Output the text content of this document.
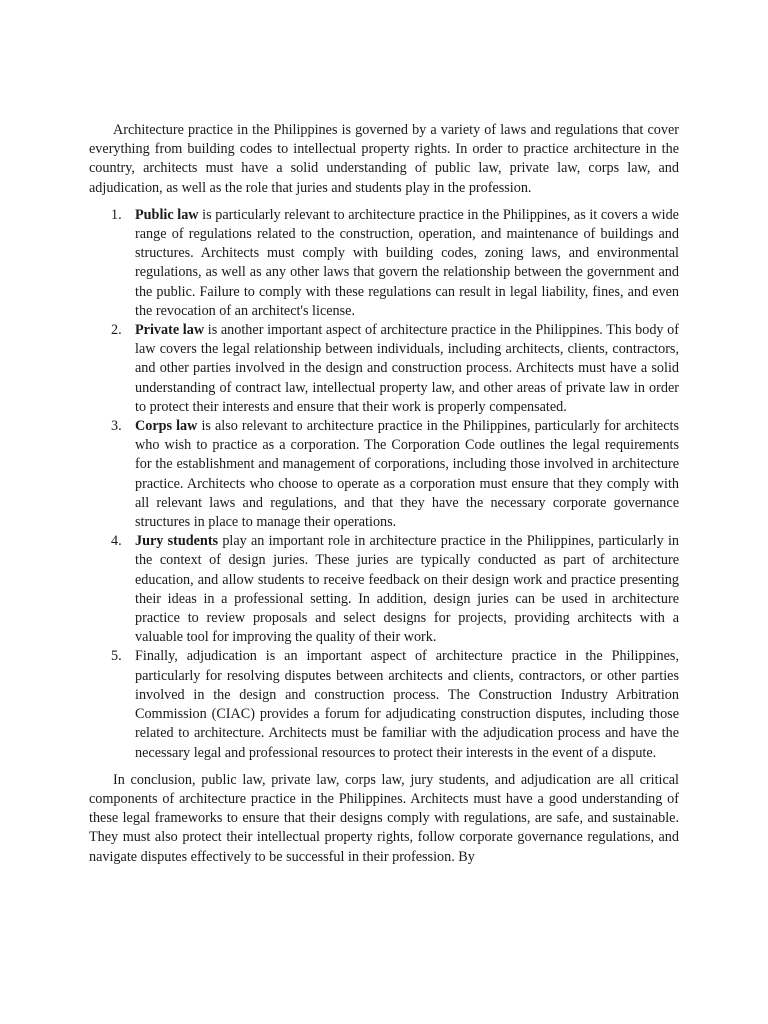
Architecture practice in the Philippines is governed by a variety of laws and regulations that cover everything from building codes to intellectual property rights. In order to practice architecture in the country, architects must have a solid understanding of public law, private law, corps law, and adjudication, as well as the role that juries and students play in the profession.

1. Public law is particularly relevant to architecture practice in the Philippines, as it covers a wide range of regulations related to the construction, operation, and maintenance of buildings and structures. Architects must comply with building codes, zoning laws, and environmental regulations, as well as any other laws that govern the relationship between the government and the public. Failure to comply with these regulations can result in legal liability, fines, and even the revocation of an architect's license.
2. Private law is another important aspect of architecture practice in the Philippines. This body of law covers the legal relationship between individuals, including architects, clients, contractors, and other parties involved in the design and construction process. Architects must have a solid understanding of contract law, intellectual property law, and other areas of private law in order to protect their interests and ensure that their work is properly compensated.
3. Corps law is also relevant to architecture practice in the Philippines, particularly for architects who wish to practice as a corporation. The Corporation Code outlines the legal requirements for the establishment and management of corporations, including those involved in architecture practice. Architects who choose to operate as a corporation must ensure that they comply with all relevant laws and regulations, and that they have the necessary corporate governance structures in place to manage their operations.
4. Jury students play an important role in architecture practice in the Philippines, particularly in the context of design juries. These juries are typically conducted as part of architecture education, and allow students to receive feedback on their design work and practice presenting their ideas in a professional setting. In addition, design juries can be used in architecture practice to review proposals and select designs for projects, providing architects with a valuable tool for improving the quality of their work.
5. Finally, adjudication is an important aspect of architecture practice in the Philippines, particularly for resolving disputes between architects and clients, contractors, or other parties involved in the design and construction process. The Construction Industry Arbitration Commission (CIAC) provides a forum for adjudicating construction disputes, including those related to architecture. Architects must be familiar with the adjudication process and have the necessary legal and professional resources to protect their interests in the event of a dispute.

In conclusion, public law, private law, corps law, jury students, and adjudication are all critical components of architecture practice in the Philippines. Architects must have a good understanding of these legal frameworks to ensure that their designs comply with regulations, are safe, and sustainable. They must also protect their intellectual property rights, follow corporate governance regulations, and navigate disputes effectively to be successful in their profession. By
